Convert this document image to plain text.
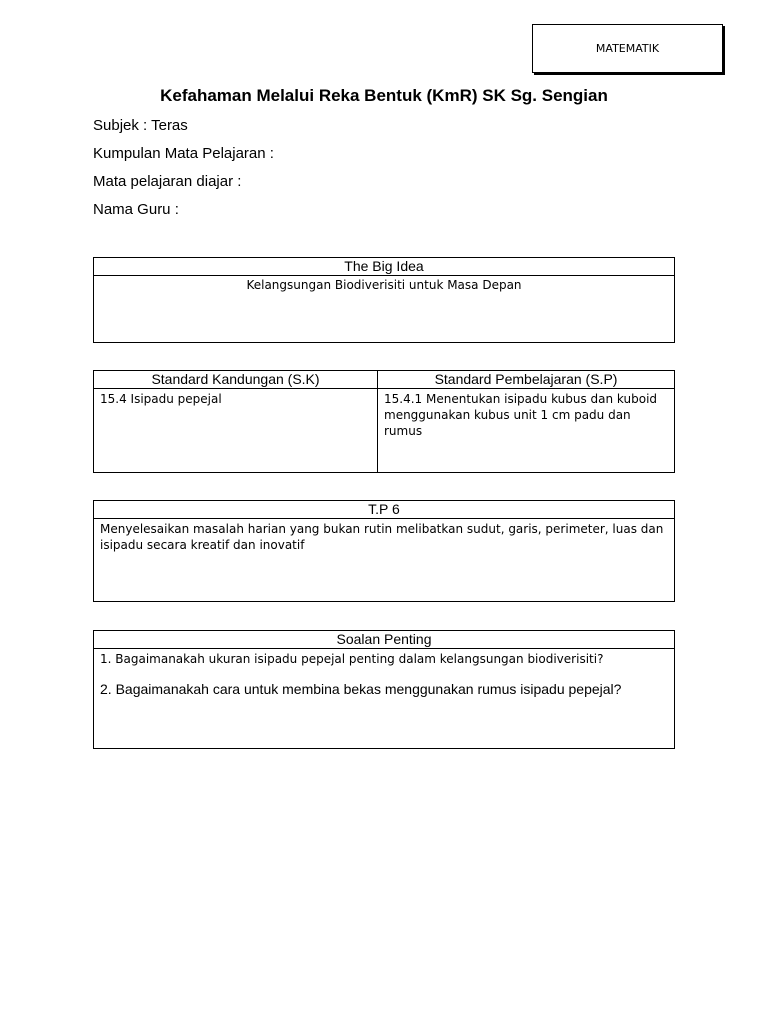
MATEMATIK
Kefahaman Melalui Reka Bentuk (KmR) SK Sg. Sengian
Subjek : Teras
Kumpulan Mata Pelajaran :
Mata pelajaran diajar :
Nama Guru :
The Big Idea
Kelangsungan Biodiverisiti untuk Masa Depan
Standard Kandungan (S.K)
15.4 Isipadu pepejal
Standard Pembelajaran (S.P)
15.4.1 Menentukan isipadu kubus dan kuboid menggunakan kubus unit 1 cm padu dan rumus
T.P 6
Menyelesaikan masalah harian yang bukan rutin melibatkan sudut, garis, perimeter, luas dan isipadu secara kreatif dan inovatif
Soalan Penting
1. Bagaimanakah ukuran isipadu pepejal penting dalam kelangsungan biodiverisiti?
2. Bagaimanakah cara untuk membina bekas menggunakan rumus isipadu pepejal?
